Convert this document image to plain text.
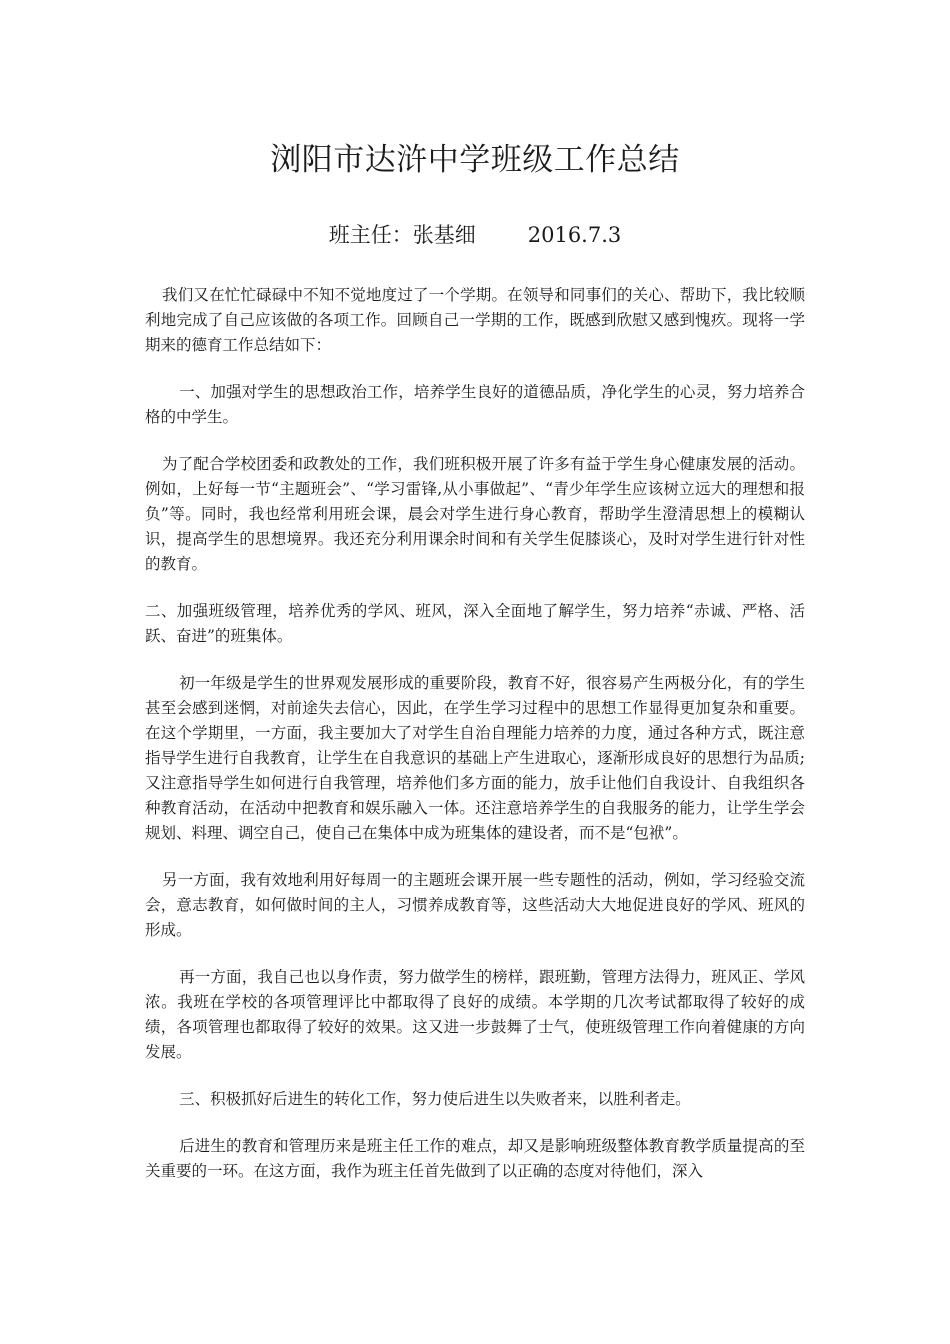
浏阳市达浒中学班级工作总结
班主任：张基细 2016.7.3

我们又在忙忙碌碌中不知不觉地度过了一个学期。在领导和同事们的关心、帮助下，我比较顺利地完成了自己应该做的各项工作。回顾自己一学期的工作，既感到欣慰又感到愧疚。现将一学期来的德育工作总结如下：

一、加强对学生的思想政治工作，培养学生良好的道德品质，净化学生的心灵，努力培养合格的中学生。

为了配合学校团委和政教处的工作，我们班积极开展了许多有益于学生身心健康发展的活动。例如，上好每一节“主题班会”、“学习雷锋,从小事做起”、“青少年学生应该树立远大的理想和报负”等。同时，我也经常利用班会课，晨会对学生进行身心教育，帮助学生澄清思想上的模糊认识，提高学生的思想境界。我还充分利用课余时间和有关学生促膝谈心，及时对学生进行针对性的教育。

二、加强班级管理，培养优秀的学风、班风，深入全面地了解学生，努力培养“赤诚、严格、活跃、奋进”的班集体。

初一年级是学生的世界观发展形成的重要阶段，教育不好，很容易产生两极分化，有的学生甚至会感到迷惘，对前途失去信心，因此，在学生学习过程中的思想工作显得更加复杂和重要。在这个学期里，一方面，我主要加大了对学生自治自理能力培养的力度，通过各种方式，既注意指导学生进行自我教育，让学生在自我意识的基础上产生进取心，逐渐形成良好的思想行为品质;又注意指导学生如何进行自我管理，培养他们多方面的能力，放手让他们自我设计、自我组织各种教育活动，在活动中把教育和娱乐融入一体。还注意培养学生的自我服务的能力，让学生学会规划、料理、调空自己，使自己在集体中成为班集体的建设者，而不是“包袱”。

另一方面，我有效地利用好每周一的主题班会课开展一些专题性的活动，例如，学习经验交流会，意志教育，如何做时间的主人，习惯养成教育等，这些活动大大地促进良好的学风、班风的形成。

再一方面，我自己也以身作责，努力做学生的榜样，跟班勤，管理方法得力，班风正、学风浓。我班在学校的各项管理评比中都取得了良好的成绩。本学期的几次考试都取得了较好的成绩，各项管理也都取得了较好的效果。这又进一步鼓舞了士气，使班级管理工作向着健康的方向发展。

三、积极抓好后进生的转化工作，努力使后进生以失败者来，以胜利者走。

后进生的教育和管理历来是班主任工作的难点，却又是影响班级整体教育教学质量提高的至关重要的一环。在这方面，我作为班主任首先做到了以正确的态度对待他们，深入
